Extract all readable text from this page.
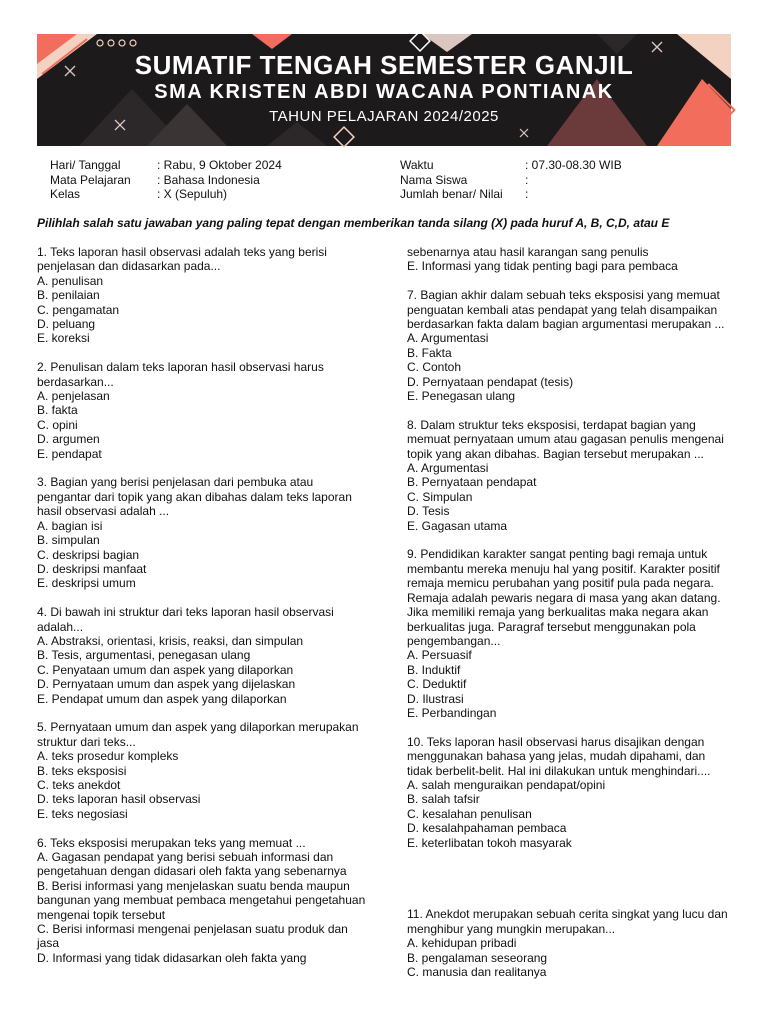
SUMATIF TENGAH SEMESTER GANJIL
SMA KRISTEN ABDI WACANA PONTIANAK
TAHUN PELAJARAN 2024/2025
Hari/ Tanggal	: Rabu, 9 Oktober 2024
Mata Pelajaran	: Bahasa Indonesia
Kelas	: X (Sepuluh)
Waktu	: 07.30-08.30 WIB
Nama Siswa	:
Jumlah benar/ Nilai	:
Pilihlah salah satu jawaban yang paling tepat dengan memberikan tanda silang (X) pada huruf A, B, C,D, atau E
1. Teks laporan hasil observasi adalah teks yang berisi penjelasan dan didasarkan pada...
A. penulisan
B. penilaian
C. pengamatan
D. peluang
E. koreksi
2. Penulisan dalam teks laporan hasil observasi harus berdasarkan...
A. penjelasan
B. fakta
C. opini
D. argumen
E. pendapat
3. Bagian yang berisi penjelasan dari pembuka atau pengantar dari topik yang akan dibahas dalam teks laporan hasil observasi adalah ...
A. bagian isi
B. simpulan
C. deskripsi bagian
D. deskripsi manfaat
E. deskripsi umum
4. Di bawah ini struktur dari teks laporan hasil observasi adalah...
A. Abstraksi, orientasi, krisis, reaksi, dan simpulan
B. Tesis, argumentasi, penegasan ulang
C. Penyataan umum dan aspek yang dilaporkan
D. Pernyataan umum dan aspek yang dijelaskan
E. Pendapat umum dan aspek yang dilaporkan
5. Pernyataan umum dan aspek yang dilaporkan merupakan struktur dari teks...
A. teks prosedur kompleks
B. teks eksposisi
C. teks anekdot
D. teks laporan hasil observasi
E. teks negosiasi
6. Teks eksposisi merupakan teks yang memuat ...
A. Gagasan pendapat yang berisi sebuah informasi dan pengetahuan dengan didasari oleh fakta yang sebenarnya
B. Berisi informasi yang menjelaskan suatu benda maupun bangunan yang membuat pembaca mengetahui pengetahuan mengenai topik tersebut
C. Berisi informasi mengenai penjelasan suatu produk dan jasa
D. Informasi yang tidak didasarkan oleh fakta yang
sebenarnya atau hasil karangan sang penulis
E. Informasi yang tidak penting bagi para pembaca
7. Bagian akhir dalam sebuah teks eksposisi yang memuat penguatan kembali atas pendapat yang telah disampaikan berdasarkan fakta dalam bagian argumentasi merupakan ...
A. Argumentasi
B. Fakta
C. Contoh
D. Pernyataan pendapat (tesis)
E. Penegasan ulang
8. Dalam struktur teks eksposisi, terdapat bagian yang memuat pernyataan umum atau gagasan penulis mengenai topik yang akan dibahas. Bagian tersebut merupakan ...
A. Argumentasi
B. Pernyataan pendapat
C. Simpulan
D. Tesis
E. Gagasan utama
9. Pendidikan karakter sangat penting bagi remaja untuk membantu mereka menuju hal yang positif. Karakter positif remaja memicu perubahan yang positif pula pada negara. Remaja adalah pewaris negara di masa yang akan datang. Jika memiliki remaja yang berkualitas maka negara akan berkualitas juga. Paragraf tersebut menggunakan pola pengembangan...
A. Persuasif
B. Induktif
C. Deduktif
D. Ilustrasi
E. Perbandingan
10. Teks laporan hasil observasi harus disajikan dengan menggunakan bahasa yang jelas, mudah dipahami, dan tidak berbelit-belit. Hal ini dilakukan untuk menghindari....
A. salah menguraikan pendapat/opini
B. salah tafsir
C. kesalahan penulisan
D. kesalahpahaman pembaca
E. keterlibatan tokoh masyarak
11. Anekdot merupakan sebuah cerita singkat yang lucu dan menghibur yang mungkin merupakan...
A. kehidupan pribadi
B. pengalaman seseorang
C. manusia dan realitanya
